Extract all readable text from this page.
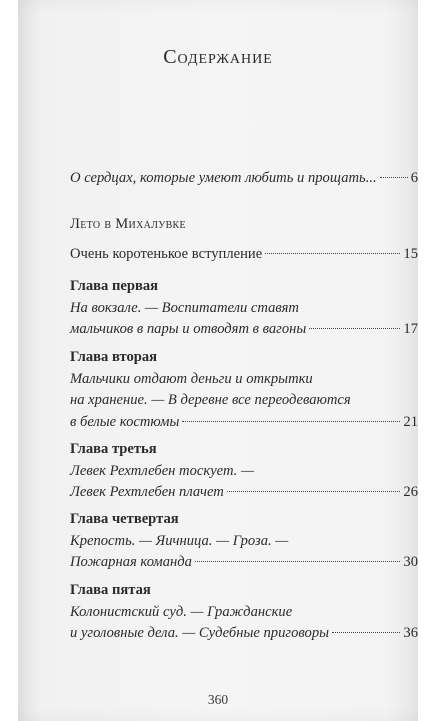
Содержание
О сердцах, которые умеют любить и прощать... 6
Лето в Михалувке
Очень коротенькое вступление	15
Глава первая
На вокзале. — Воспитатели ставят
мальчиков в пары и отводят в вагоны	17
Глава вторая
Мальчики отдают деньги и открытки
на хранение. — В деревне все переодеваются
в белые костюмы	21
Глава третья
Левек Рехтлебен тоскует. —
Левек Рехтлебен плачет	26
Глава четвертая
Крепость. — Яичница. — Гроза. —
Пожарная команда	30
Глава пятая
Колонистский суд. — Гражданские
и уголовные дела. — Судебные приговоры	36
360
